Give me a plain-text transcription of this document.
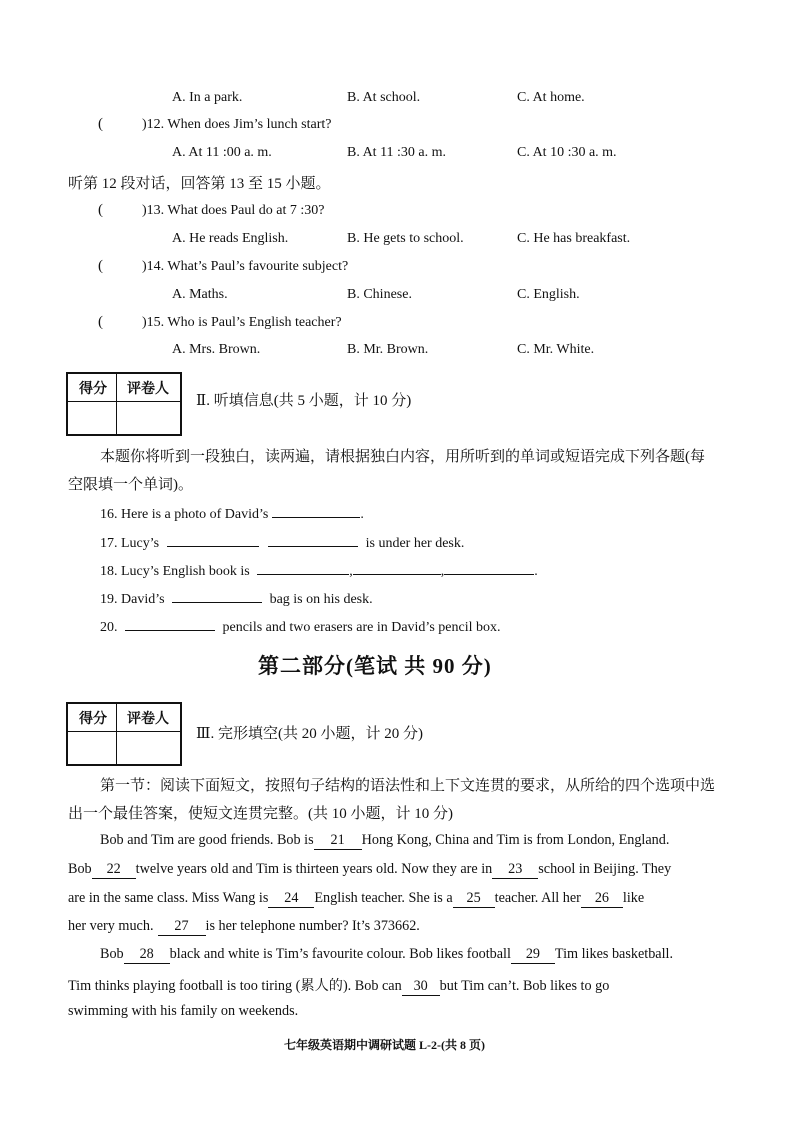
A. In a park.	B. At school.	C. At home.
(	)12. When does Jim’s lunch start?
A. At 11 :00 a. m.	B. At 11 :30 a. m.	C. At 10 :30 a. m.
听第 12 段对话，回答第 13 至 15 小题。
(	)13. What does Paul do at 7 :30?
A. He reads English.	B. He gets to school.	C. He has breakfast.
(	)14. What’s Paul’s favourite subject?
A. Maths.	B. Chinese.	C. English.
(	)15. Who is Paul’s English teacher?
A. Mrs. Brown.	B. Mr. Brown.	C. Mr. White.
得分	评卷人
Ⅱ. 听填信息(共 5 小题，计 10 分)
本题你将听到一段独白，读两遍，请根据独白内容，用所听到的单词或短语完成下列各题(每
空限填一个单词)。
16. Here is a photo of David’s	.
17. Lucy’s	is under her desk.
18. Lucy’s English book is	,	,	.
19. David’s	bag is on his desk.
20.	pencils and two erasers are in David’s pencil box.
第二部分(笔试 共 90 分)
得分	评卷人
Ⅲ. 完形填空(共 20 小题，计 20 分)
第一节：阅读下面短文，按照句子结构的语法性和上下文连贯的要求，从所给的四个选项中选
出一个最佳答案，使短文连贯完整。(共 10 小题，计 10 分)
Bob and Tim are good friends. Bob is 21 Hong Kong, China and Tim is from London, England.
Bob 22 twelve years old and Tim is thirteen years old. Now they are in 23 school in Beijing. They
are in the same class. Miss Wang is 24 English teacher. She is a 25 teacher. All her 26 like
her very much. 27 is her telephone number? It’s 373662.
Bob 28 black and white is Tim’s favourite colour. Bob likes football 29 Tim likes basketball.
Tim thinks playing football is too tiring (累人的). Bob can 30 but Tim can’t. Bob likes to go
swimming with his family on weekends.
七年级英语期中调研试题 L-2-(共 8 页)
